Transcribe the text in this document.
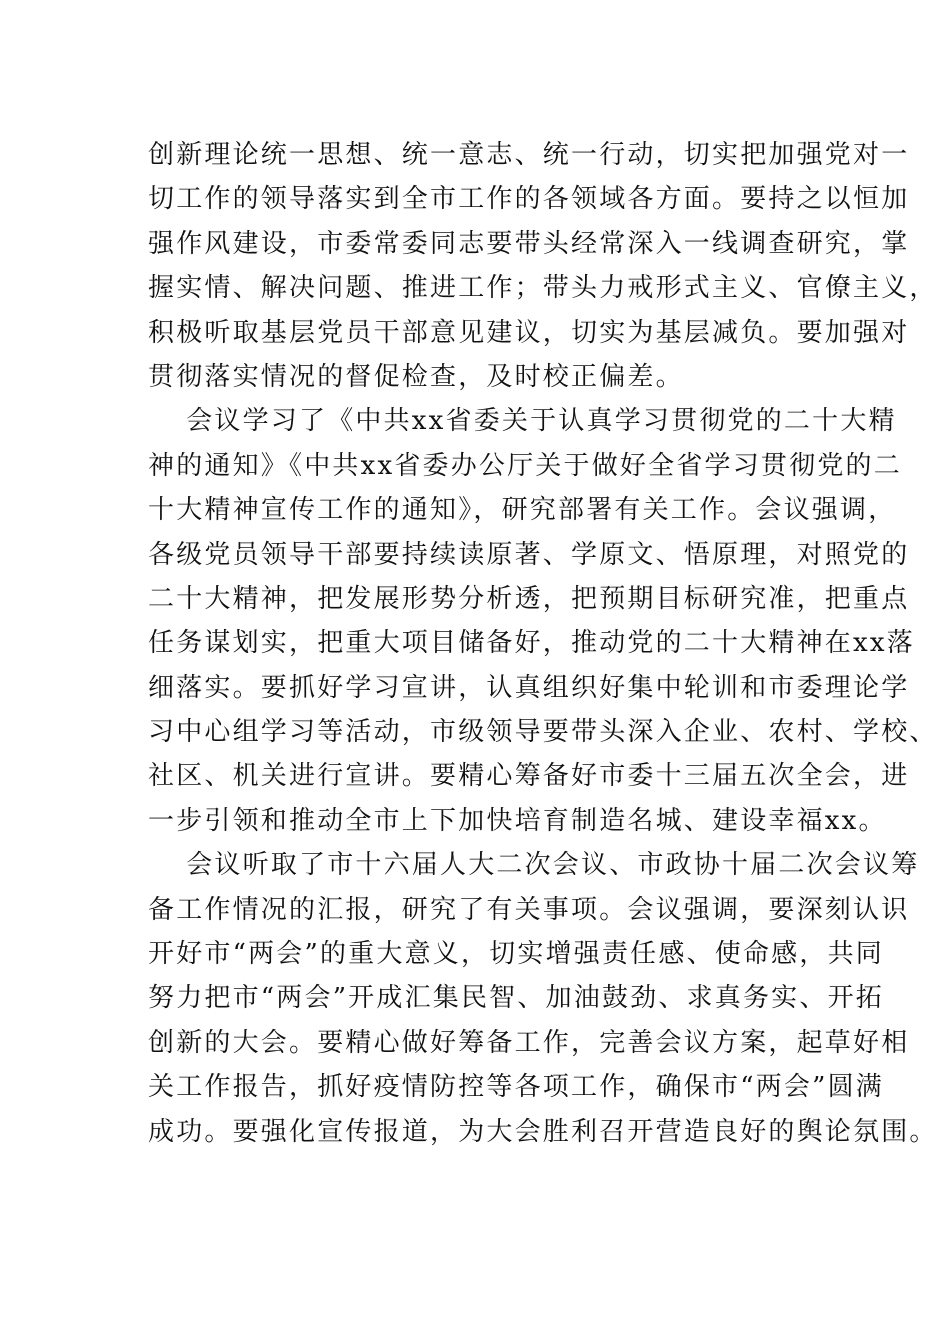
创新理论统一思想、统一意志、统一行动，切实把加强党对一
切工作的领导落实到全市工作的各领域各方面。要持之以恒加
强作风建设，市委常委同志要带头经常深入一线调查研究，掌
握实情、解决问题、推进工作；带头力戒形式主义、官僚主义，
积极听取基层党员干部意见建议，切实为基层减负。要加强对
贯彻落实情况的督促检查，及时校正偏差。
　会议学习了《中共xx省委关于认真学习贯彻党的二十大精
神的通知》《中共xx省委办公厅关于做好全省学习贯彻党的二
十大精神宣传工作的通知》，研究部署有关工作。会议强调，
各级党员领导干部要持续读原著、学原文、悟原理，对照党的
二十大精神，把发展形势分析透，把预期目标研究准，把重点
任务谋划实，把重大项目储备好，推动党的二十大精神在xx落
细落实。要抓好学习宣讲，认真组织好集中轮训和市委理论学
习中心组学习等活动，市级领导要带头深入企业、农村、学校、
社区、机关进行宣讲。要精心筹备好市委十三届五次全会，进
一步引领和推动全市上下加快培育制造名城、建设幸福xx。
　会议听取了市十六届人大二次会议、市政协十届二次会议筹
备工作情况的汇报，研究了有关事项。会议强调，要深刻认识
开好市“两会”的重大意义，切实增强责任感、使命感，共同
努力把市“两会”开成汇集民智、加油鼓劲、求真务实、开拓
创新的大会。要精心做好筹备工作，完善会议方案，起草好相
关工作报告，抓好疫情防控等各项工作，确保市“两会”圆满
成功。要强化宣传报道，为大会胜利召开营造良好的舆论氛围。
